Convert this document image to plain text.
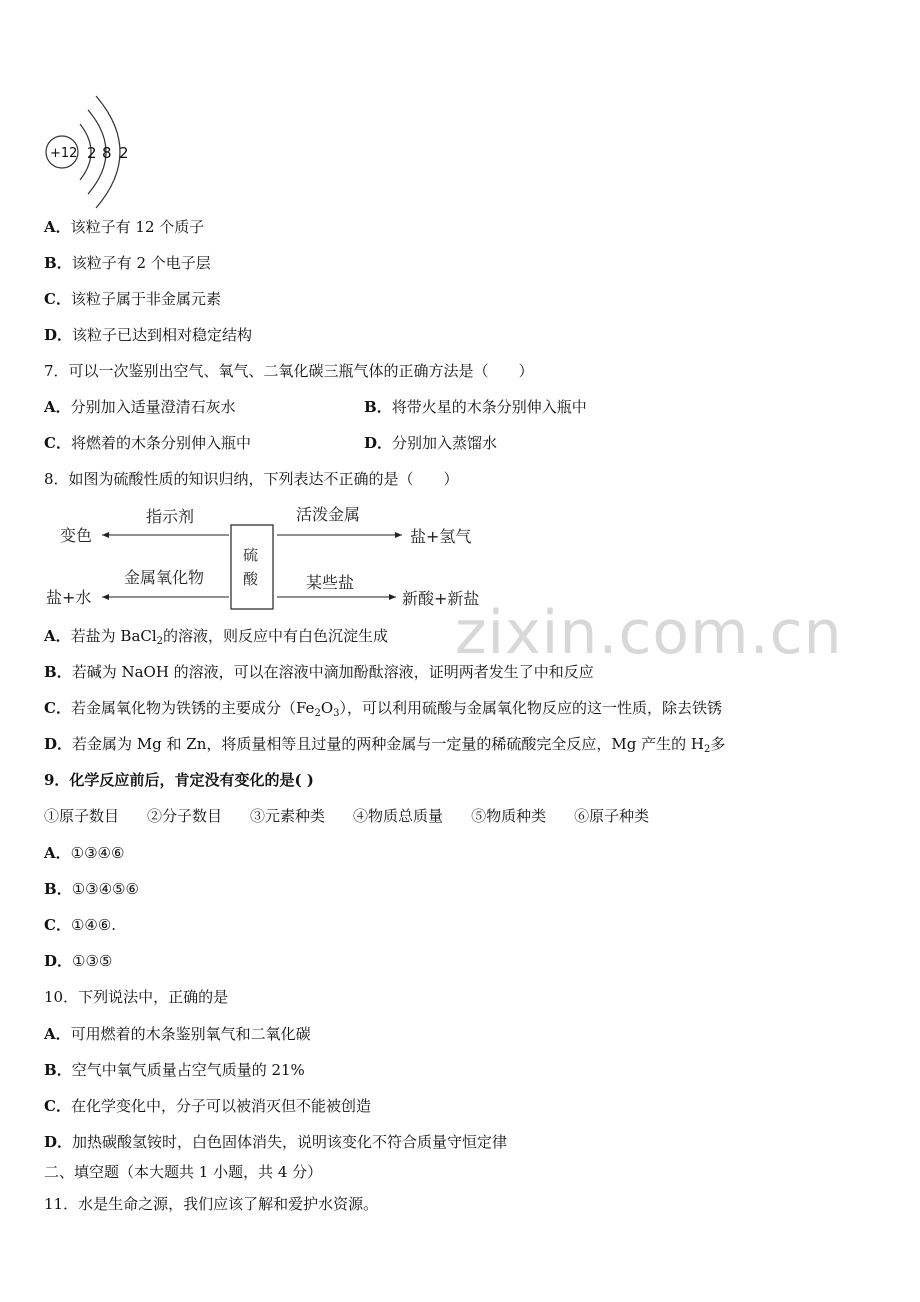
+12 2 8 2
A．该粒子有 12 个质子
B．该粒子有 2 个电子层
C．该粒子属于非金属元素
D．该粒子已达到相对稳定结构
7．可以一次鉴别出空气、氧气、二氧化碳三瓶气体的正确方法是（　　）
A．分别加入适量澄清石灰水	B．将带火星的木条分别伸入瓶中
C．将燃着的木条分别伸入瓶中	D．分别加入蒸馏水
8．如图为硫酸性质的知识归纳，下列表达不正确的是（　　）
硫
酸
指示剂
变色
金属氧化物
盐+水
活泼金属
盐+氢气
某些盐
新酸+新盐
zixin.com.cn
A．若盐为 BaCl$_2$的溶液，则反应中有白色沉淀生成
B．若碱为 NaOH 的溶液，可以在溶液中滴加酚酞溶液，证明两者发生了中和反应
C．若金属氧化物为铁锈的主要成分$(Fe_2O_3)$，可以利用硫酸与金属氧化物反应的这一性质，除去铁锈
D．若金属为 Mg 和 Zn，将质量相等且过量的两种金属与一定量的稀硫酸完全反应，Mg 产生的 $H_2$多
9．化学反应前后，肯定没有变化的是( )
①原子数目 ②分子数目 ③元素种类 ④物质总质量 ⑤物质种类 ⑥原子种类
A．①③④⑥
B．①③④⑤⑥
C．①④⑥.
D．①③⑤
10．下列说法中，正确的是
A．可用燃着的木条鉴别氧气和二氧化碳
B．空气中氧气质量占空气质量的 21%
C．在化学变化中，分子可以被消灭但不能被创造
D．加热碳酸氢铵时，白色固体消失，说明该变化不符合质量守恒定律
二、填空题（本大题共 1 小题，共 4 分）
11．水是生命之源，我们应该了解和爱护水资源。
